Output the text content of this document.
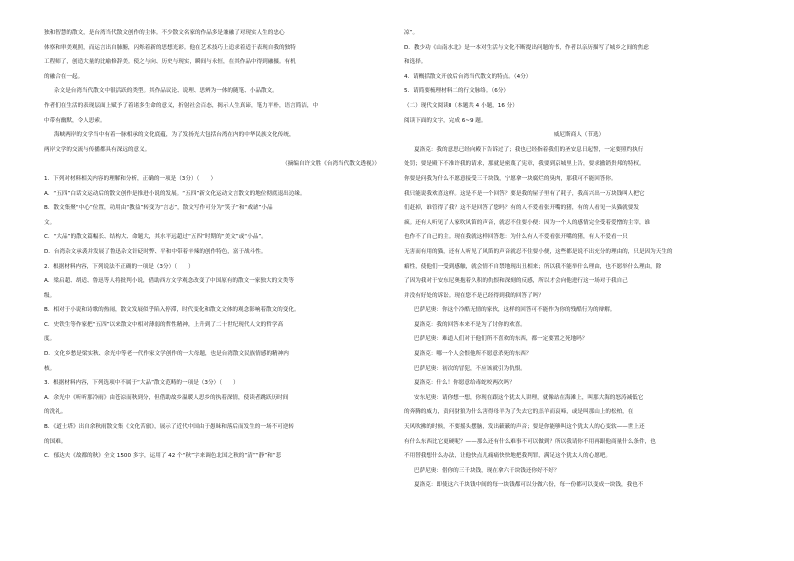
独和智慧的散文，是台湾当代散文创作的主体。不少散文名家的作品多是兼融了对现实人生的忠心

体察和审美观照，而运言出自肺腑，闪烁着新的思想光彩。他在艺术技巧上追求着适于表现自我的独特

工程师了，创造大量的比喻修辞美。使之与向、历史与现实，瞬间与永恒，在其作品中得到融摄。有机

的融合在一起。

杂文是台湾当代散文中很活跃的类型。其作品议论、说理、思辨为一体的随笔、小品散文。

作者们在生活的表现层面上赋予了着诸多生命的意义，折射社会百态，揭示人生真谛，笔力平朴，语言简洁，中

中带有幽默，令人思索。

海峡两岸的文学当中有着一脉相承的文化底蕴，为了发扬光大包括台湾在内的中华民族文化传统，

两岸文学的交流与传播都具有深远的意义。

（摘编自许文胜《台湾当代散文透视》）

1．下列对材料相关内容的理解和分析，正确的一项是（3分）（　　）

A．“五四”白话文运动后的散文创作是推进小说的发展。“五四”新文化运动文言散文的地位彻底退出边缘。

B．散文集聚“中心”位置，功用由“教益”转变为“言志”，散文写作可分为“笑子”和“戏谑”小品

文。

C．“大品”的散文篇幅长、结构大、命题大，其水平远超过“五四”时期的“美文”或“小品”。

D．台湾杂文承袭并发展了鲁迅杂文针砭时弊、平和中带着辛辣的创作特色，富于战斗性。

2．根据材料内容，下列说法不正确的一项是（3分）（　　）

A．梁启超、胡适、鲁迅等人将批判小说，借助西方文学观念改变了中国原有的散文一家独大的文类等

级。

B．相对于小说和诗歌的热闹，散文发展似乎陷入停滞，时代变化和散文文体的观念影响着散文的变化。

C．史铁生等作家把“五四”以来散文中相对薄弱的哲性精神，上升到了二十世纪现代人文的哲学高

度。

D．文化乡愁是梁实秋、余光中等老一代作家文学创作的一大母题，也是台湾散文民族情感的精神内

核。

3．根据材料内容，下列选项中不属于“大品”散文范畴的一项是（3分）（　　）

A．余光中《听听那冷雨》由苍凉而秋到分，但借助故乡温暖人思乡的执着深情，使读者跳跃历时间

的洗礼。

B．《道士塔》出自余秋雨散文集《文化苦旅》，展示了近代中国由于愚昧和落后而发生的一场不可逆转

的国难。

C．郁达夫《故都的秋》全文 1500 多字，运用了 42 个“秋”字来调色北国之秋的“清”“静”和“悲

凉”。

D．教少功《山南水北》是一本对生活与文化不断提出问题的书，作者以亲历描写了城乡之间的焦虑

和选择。

4．请概括散文开放后台湾当代散文的特点。（4分）

5．请简要梳理材料二的行文脉络。（6分）

（二）现代文阅读Ⅱ（本题共 4 小题，16 分）

阅读下面的文字，完成 6~9 题。

威尼斯商人（节选）

夏洛克：我的意思已经向殿下告诉过了；我也已经指着我们的圣安息日起誓，一定要照约执行

处罚；要是殿下不准许我的请求，那就是密蔑了宪章，我要到京城里上告，要求撤销贵邦的特权。

你要是问我为什么不愿意接受三千块钱，宁愿拿一块腐烂的臭肉，那我可不能回答你。

我只能说我欢喜这样。这是不是一个回答？要是我的屋子里有了耗子，我高兴出一万块钱叫人把它

们赶掉，谁管得了我？这不是回答了您吗？有的人不爱看张开嘴的猪，有的人看见一头猫就要发

疯。还有人听见了人家吹风笛的声音，就忍不住要小便：因为一个人的感情完全受着爱憎的主宰，谁

也作不了自己的主。现在我就这样回答您：为什么有人不爱看张开嘴的猪，有人不爱看一只

无害而有用的猫，还有人听见了风笛的声音就忍不住要小便，这些都是说不出充分的理由的，只是因为天生的

癖性，使他们一受到感触，就会情不自禁地现出丑相来；所以我不能举什么理由，也不愿举什么理由，除

了因为我对于安东尼奥抱着久积的仇恨和深刻的反感，所以才会向他进行这一场对于我自己

并没有好处的诉讼。现在您不是已经得到我的回答了吗？

巴萨尼奥：你这个冷酷无情的家伙，这样的回答可不能作为你的残酷行为的辩解。

夏洛克：我的回答本来不是为了讨你的欢喜。

巴萨尼奥：难道人们对于他们所不喜欢的东西，都一定要置之死地吗？

夏洛克：哪一个人会恨他所不愿意杀死的东西？

巴萨尼奥：初次的冒犯，不应该就引为仇恨。

夏洛克：什么！你愿意给毒蛇咬两次吗？

安东尼奥：请你想一想，你现在跟这个犹太人讲理，就像站在海滩上，叫那大海的怒涛减低它

的奔腾的威力，责问豺狼为什么害得母羊为了失去它的羔羊而哀啼，或是叫那山上的松柏，在

天风吹拂的时候，不要摇头摆脑，发出簌簌的声音；要是你能够叫这个犹太人的心变软——世上还

有什么东西比它更硬呢？——那么还有什么难事不可以做到？所以我请你不用再跟他商量什么条件，也

不用替我想什么办法，让他快点儿痛痛快快地把我判罪，满足这个犹太人的心愿吧。

巴萨尼奥：借你的三千块钱，现在拿六千块钱还你好不好？

夏洛克：即使这六千块钱中间的每一块钱都可以分做六份，每一份都可以变成一块钱，我也不
